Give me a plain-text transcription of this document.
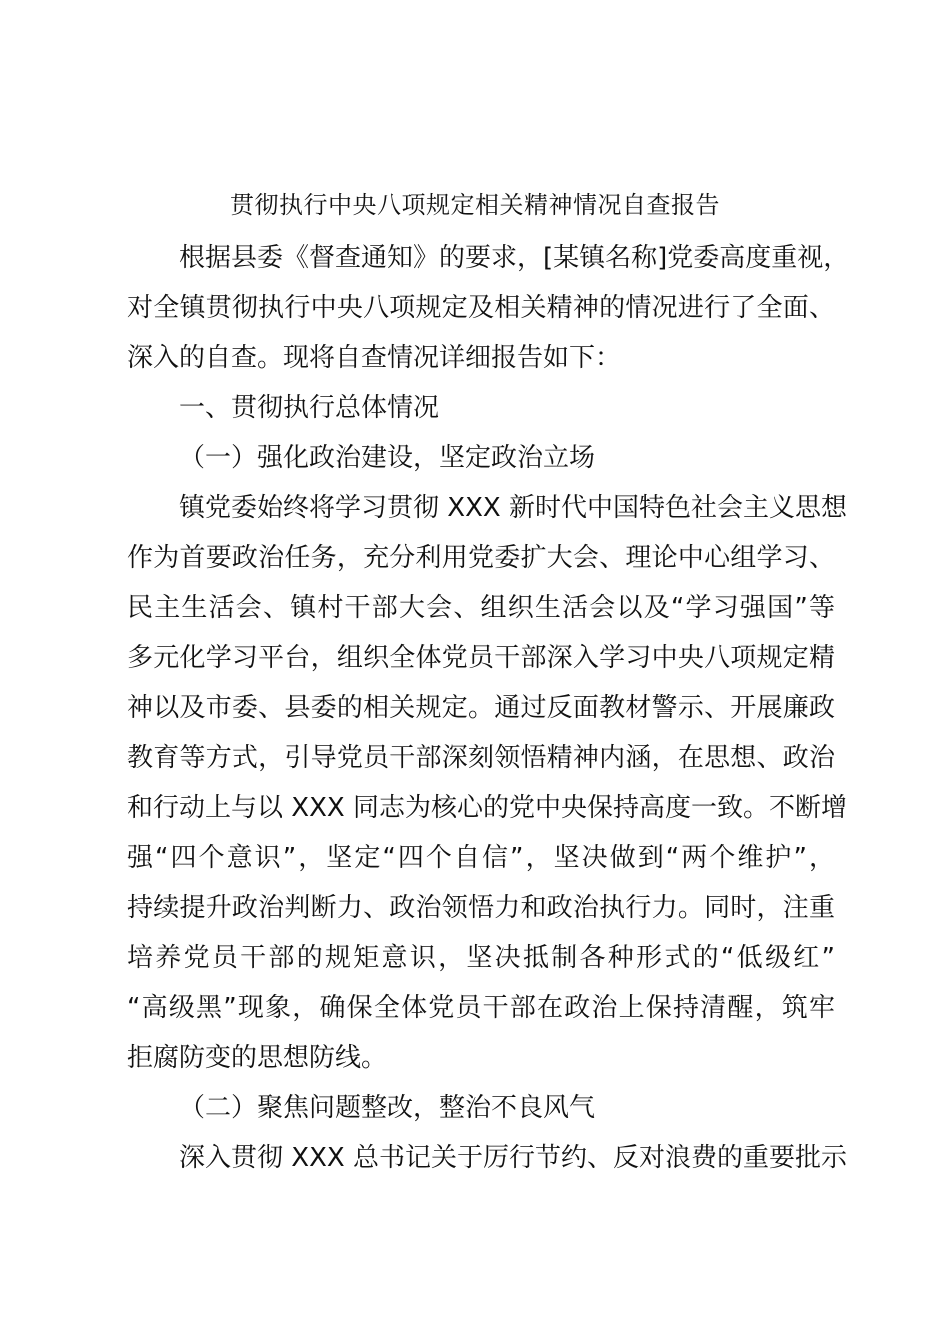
贯彻执行中央八项规定相关精神情况自查报告
根据县委《督查通知》的要求，[某镇名称]党委高度重视，
对全镇贯彻执行中央八项规定及相关精神的情况进行了全面、
深入的自查。现将自查情况详细报告如下：
一、贯彻执行总体情况
（一）强化政治建设，坚定政治立场
镇党委始终将学习贯彻 XXX 新时代中国特色社会主义思想
作为首要政治任务，充分利用党委扩大会、理论中心组学习、
民主生活会、镇村干部大会、组织生活会以及“学习强国”等
多元化学习平台，组织全体党员干部深入学习中央八项规定精
神以及市委、县委的相关规定。通过反面教材警示、开展廉政
教育等方式，引导党员干部深刻领悟精神内涵，在思想、政治
和行动上与以 XXX 同志为核心的党中央保持高度一致。不断增
强“四个意识”，坚定“四个自信”，坚决做到“两个维护”，
持续提升政治判断力、政治领悟力和政治执行力。同时，注重
培养党员干部的规矩意识，坚决抵制各种形式的“低级红”
“高级黑”现象，确保全体党员干部在政治上保持清醒，筑牢
拒腐防变的思想防线。
（二）聚焦问题整改，整治不良风气
深入贯彻 XXX 总书记关于厉行节约、反对浪费的重要批示
